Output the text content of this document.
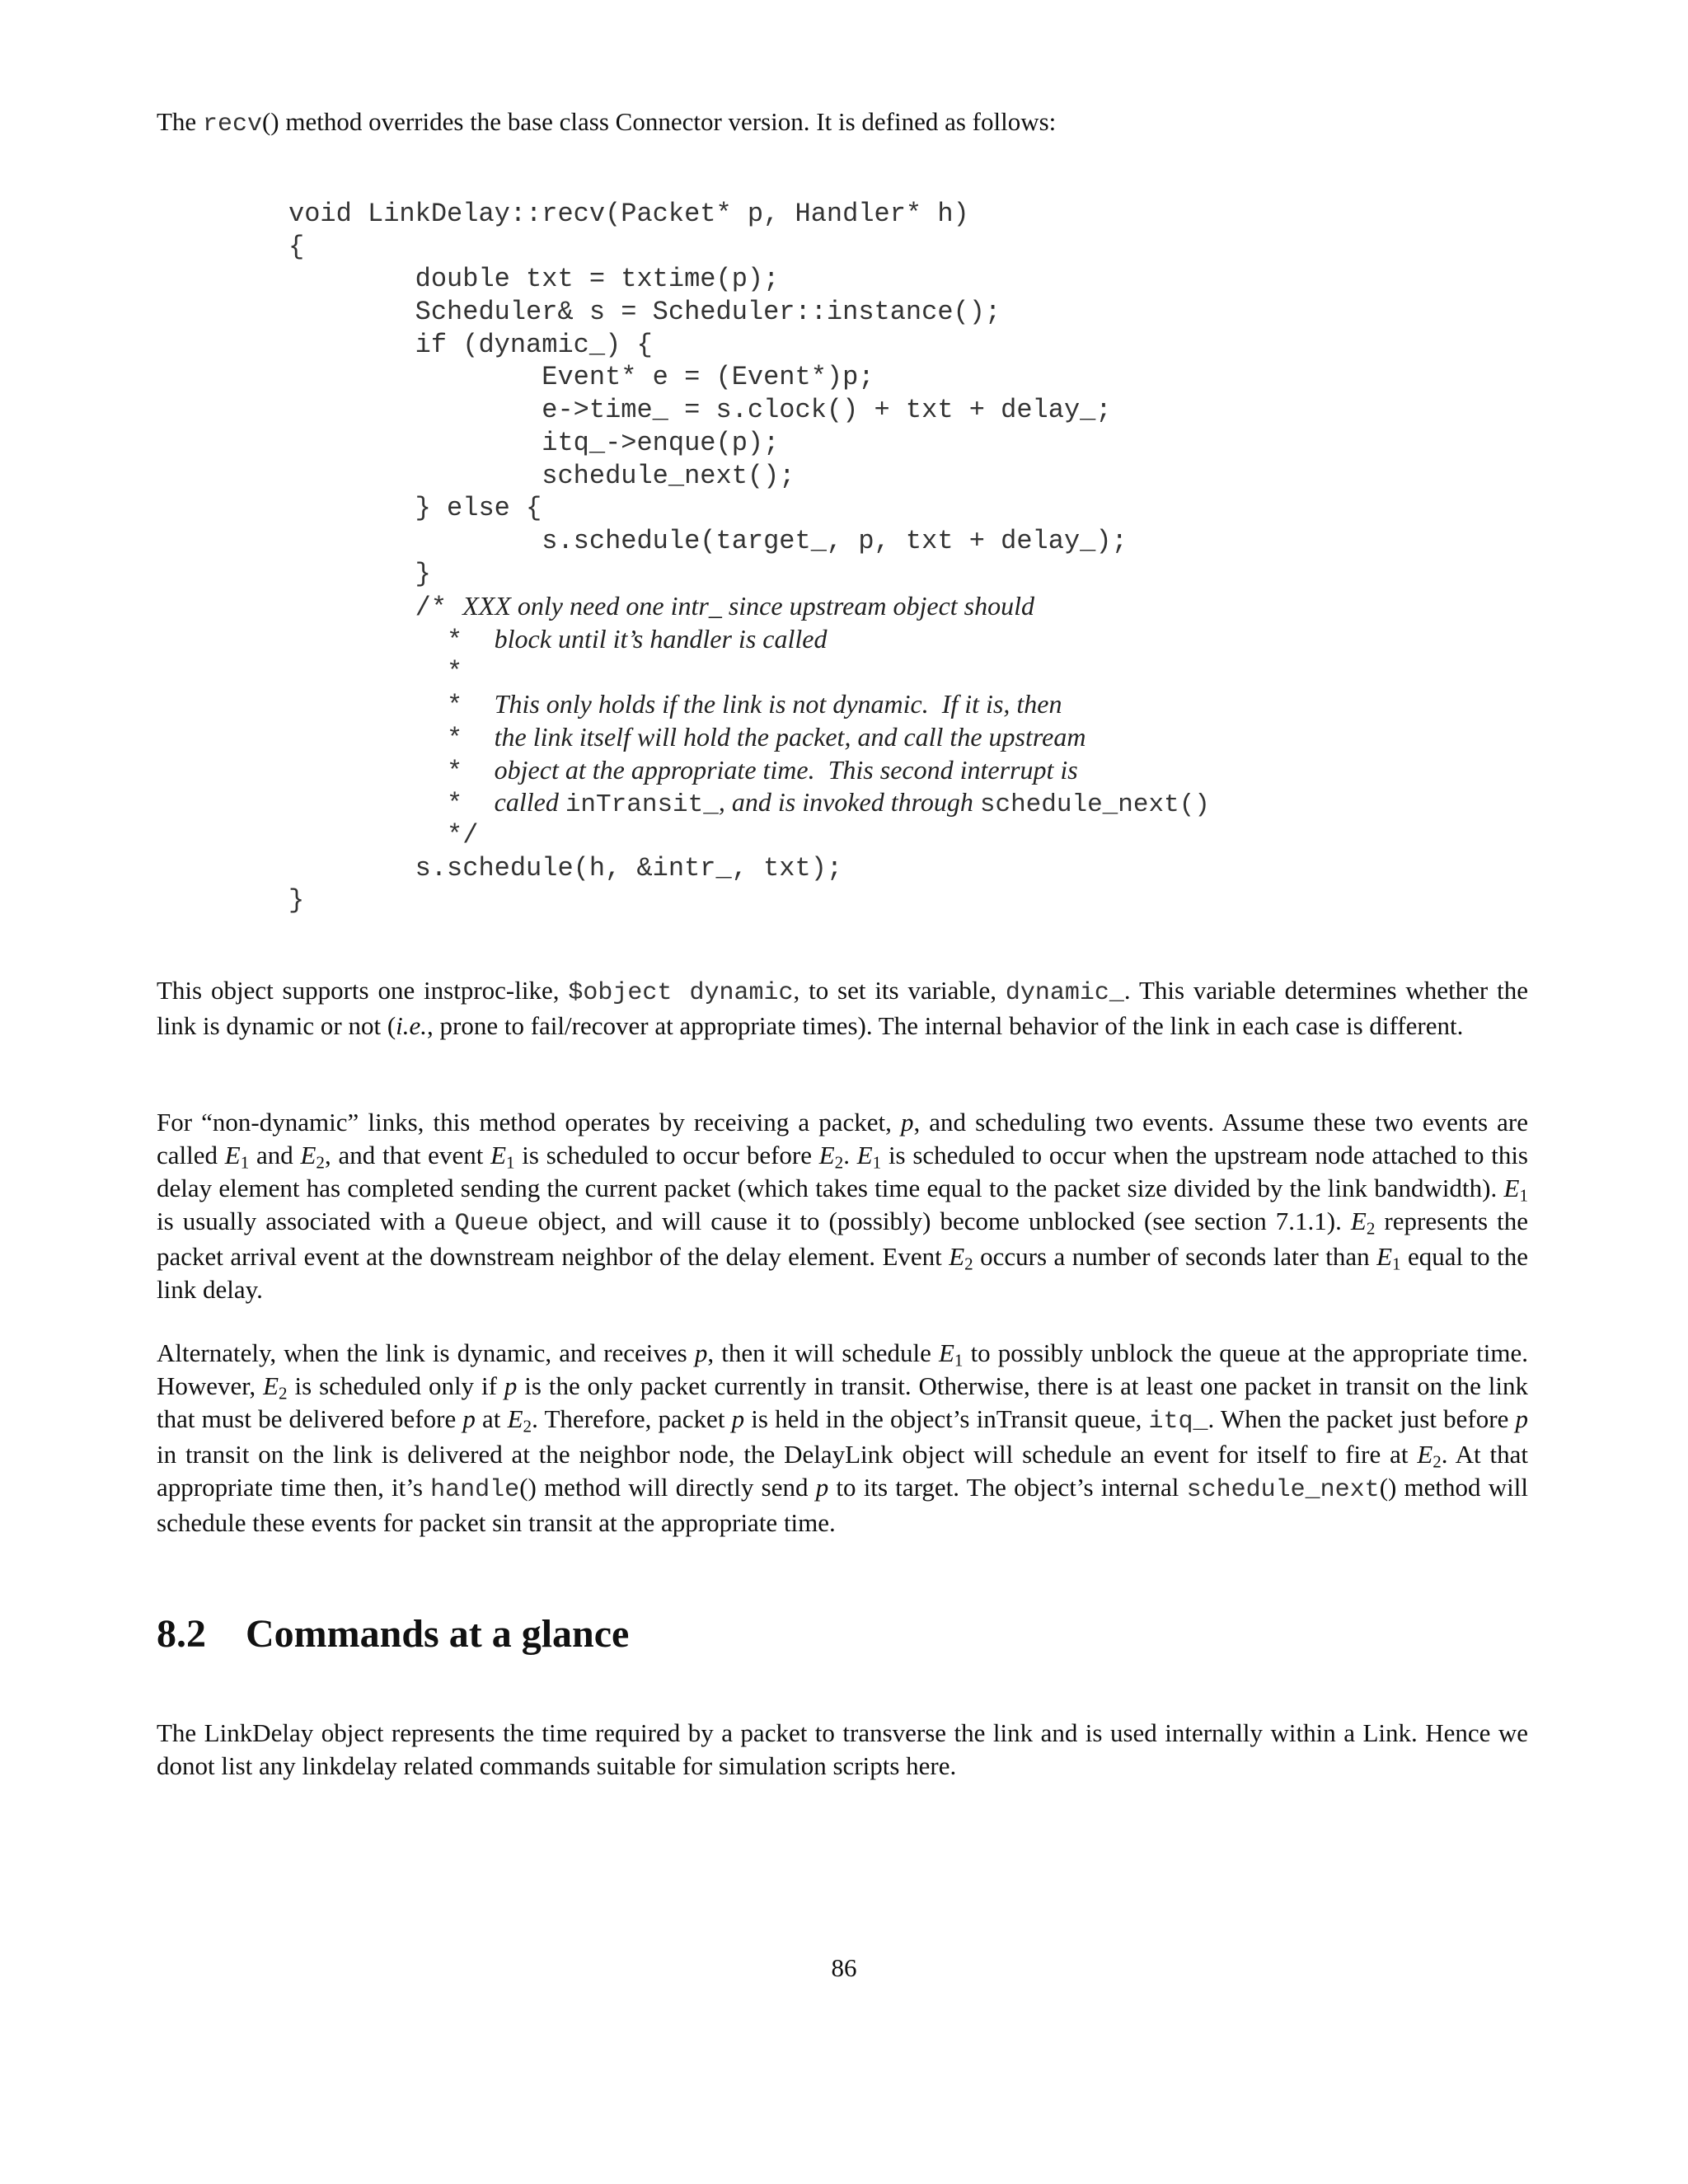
The recv() method overrides the base class Connector version. It is defined as follows:

void LinkDelay::recv(Packet* p, Handler* h)
{
double txt = txtime(p);
Scheduler& s = Scheduler::instance();
if (dynamic_) {
Event* e = (Event*)p;
e->time_ = s.clock() + txt + delay_;
itq_->enque(p);
schedule_next();
} else {
s.schedule(target_, p, txt + delay_);
}
/* XXX only need one intr_ since upstream object should
*  block until it’s handler is called
*
*  This only holds if the link is not dynamic.  If it is, then
*  the link itself will hold the packet, and call the upstream
*  object at the appropriate time.  This second interrupt is
*  called inTransit_, and is invoked through schedule_next()
*/
s.schedule(h, &intr_, txt);
}

This object supports one instproc-like, $object dynamic, to set its variable, dynamic_. This variable determines whether the link is dynamic or not (i.e., prone to fail/recover at appropriate times). The internal behavior of the link in each case is different.

For “non-dynamic” links, this method operates by receiving a packet, p, and scheduling two events. Assume these two events are called $E_1$ and $E_2$, and that event $E_1$ is scheduled to occur before $E_2$. $E_1$ is scheduled to occur when the upstream node attached to this delay element has completed sending the current packet (which takes time equal to the packet size divided by the link bandwidth). $E_1$ is usually associated with a Queue object, and will cause it to (possibly) become unblocked (see section 7.1.1). $E_2$ represents the packet arrival event at the downstream neighbor of the delay element. Event $E_2$ occurs a number of seconds later than $E_1$ equal to the link delay.

Alternately, when the link is dynamic, and receives p, then it will schedule $E_1$ to possibly unblock the queue at the appropriate time. However, $E_2$ is scheduled only if p is the only packet currently in transit. Otherwise, there is at least one packet in transit on the link that must be delivered before p at $E_2$. Therefore, packet p is held in the object’s inTransit queue, itq_. When the packet just before p in transit on the link is delivered at the neighbor node, the DelayLink object will schedule an event for itself to fire at $E_2$. At that appropriate time then, it’s handle() method will directly send p to its target. The object’s internal schedule_next() method will schedule these events for packet sin transit at the appropriate time.

8.2 Commands at a glance

The LinkDelay object represents the time required by a packet to transverse the link and is used internally within a Link. Hence we donot list any linkdelay related commands suitable for simulation scripts here.

86
